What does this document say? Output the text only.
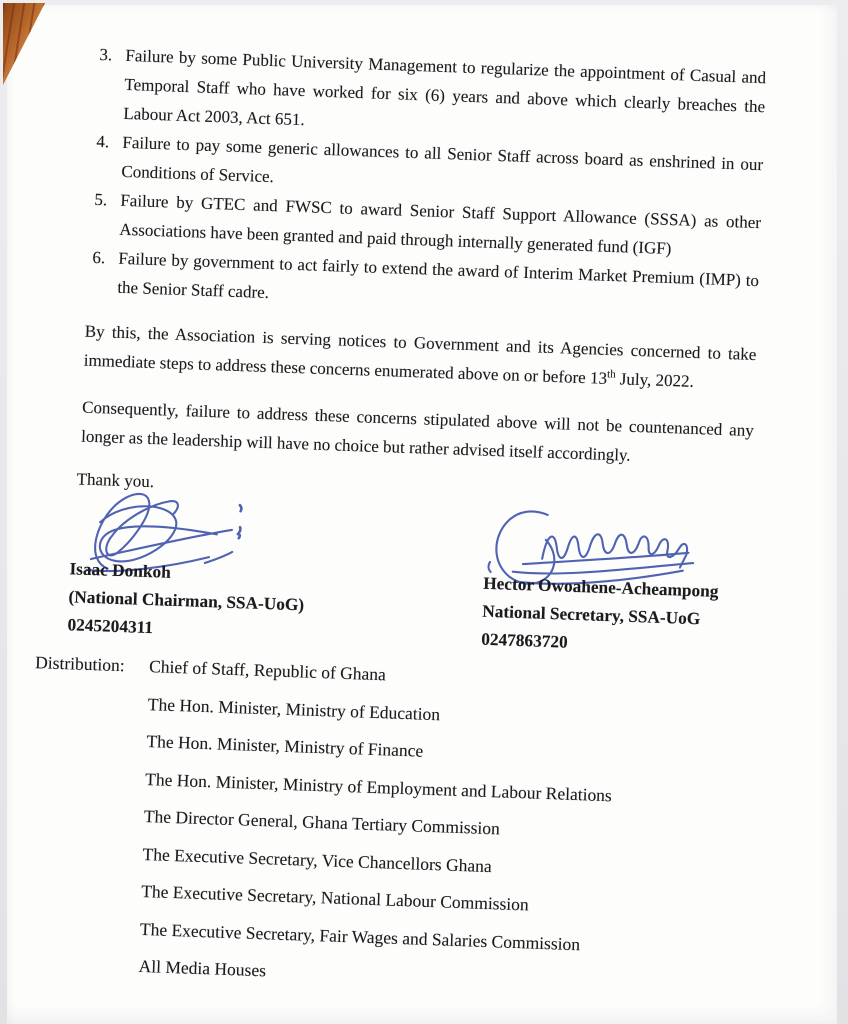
3. Failure by some Public University Management to regularize the appointment of Casual and Temporal Staff who have worked for six (6) years and above which clearly breaches the Labour Act 2003, Act 651.
4. Failure to pay some generic allowances to all Senior Staff across board as enshrined in our Conditions of Service.
5. Failure by GTEC and FWSC to award Senior Staff Support Allowance (SSSA) as other Associations have been granted and paid through internally generated fund (IGF)
6. Failure by government to act fairly to extend the award of Interim Market Premium (IMP) to the Senior Staff cadre.

By this, the Association is serving notices to Government and its Agencies concerned to take immediate steps to address these concerns enumerated above on or before 13th July, 2022.

Consequently, failure to address these concerns stipulated above will not be countenanced any longer as the leadership will have no choice but rather advised itself accordingly.

Thank you.

Isaac Donkoh
(National Chairman, SSA-UoG)
0245204311
Hector Owoahene-Acheampong
National Secretary, SSA-UoG
0247863720
Distribution:	Chief of Staff, Republic of Ghana
The Hon. Minister, Ministry of Education
The Hon. Minister, Ministry of Finance
The Hon. Minister, Ministry of Employment and Labour Relations
The Director General, Ghana Tertiary Commission
The Executive Secretary, Vice Chancellors Ghana
The Executive Secretary, National Labour Commission
The Executive Secretary, Fair Wages and Salaries Commission
All Media Houses
